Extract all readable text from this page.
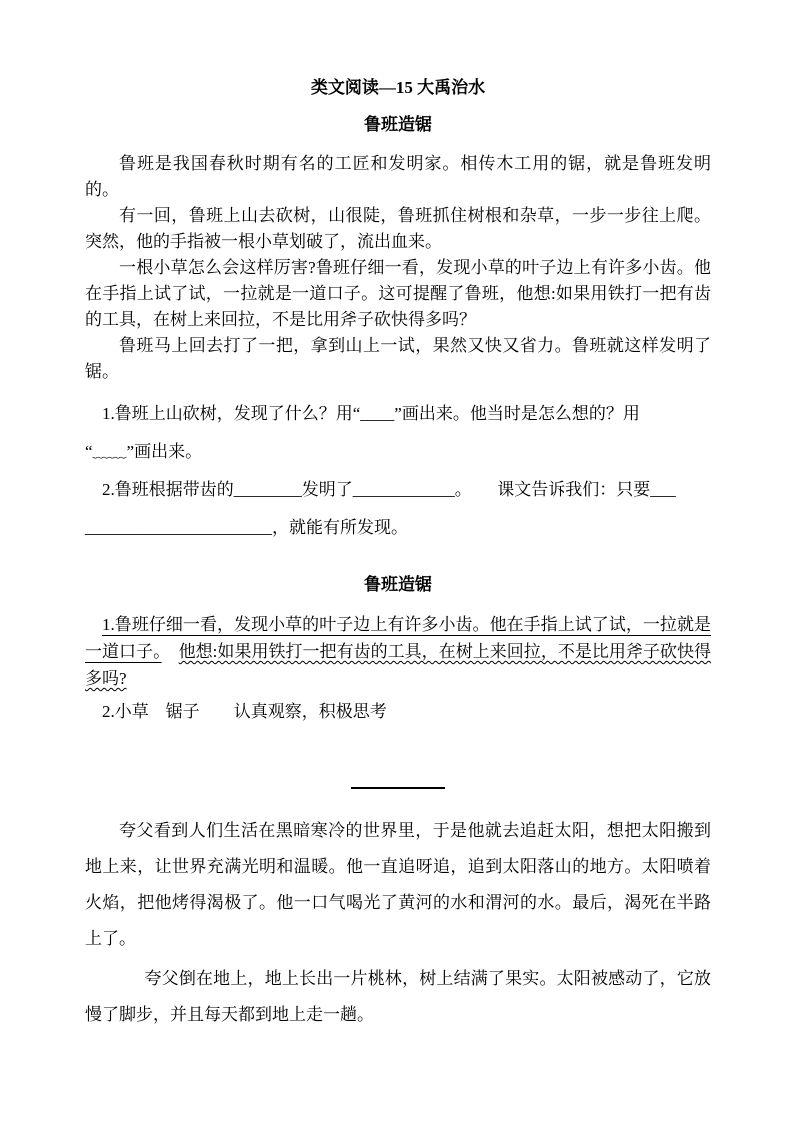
类文阅读—15 大禹治水
鲁班造锯

鲁班是我国春秋时期有名的工匠和发明家。相传木工用的锯，就是鲁班发明的。

有一回，鲁班上山去砍树，山很陡，鲁班抓住树根和杂草，一步一步往上爬。突然，他的手指被一根小草划破了，流出血来。

一根小草怎么会这样厉害?鲁班仔细一看，发现小草的叶子边上有许多小齿。他在手指上试了试，一拉就是一道口子。这可提醒了鲁班，他想:如果用铁打一把有齿的工具，在树上来回拉，不是比用斧子砍快得多吗？

鲁班马上回去打了一把，拿到山上一试，果然又快又省力。鲁班就这样发明了锯。

1.鲁班上山砍树，发现了什么？用“____”画出来。他当时是怎么想的？用
“﹏﹏”画出来。

2.鲁班根据带齿的________发明了____________。　　课文告诉我们：只要___
______________________，就能有所发现。

鲁班造锯

1.鲁班仔细一看，发现小草的叶子边上有许多小齿。他在手指上试了试，一拉就是一道口子。　 他想:如果用铁打一把有齿的工具，在树上来回拉，不是比用斧子砍快得多吗?

2.小草　锯子　　认真观察，积极思考

夸父看到人们生活在黑暗寒冷的世界里，于是他就去追赶太阳，想把太阳搬到地上来，让世界充满光明和温暖。他一直追呀追，追到太阳落山的地方。太阳喷着火焰，把他烤得渴极了。他一口气喝光了黄河的水和渭河的水。最后，渴死在半路上了。

夸父倒在地上，地上长出一片桃林，树上结满了果实。太阳被感动了，它放慢了脚步，并且每天都到地上走一趟。
